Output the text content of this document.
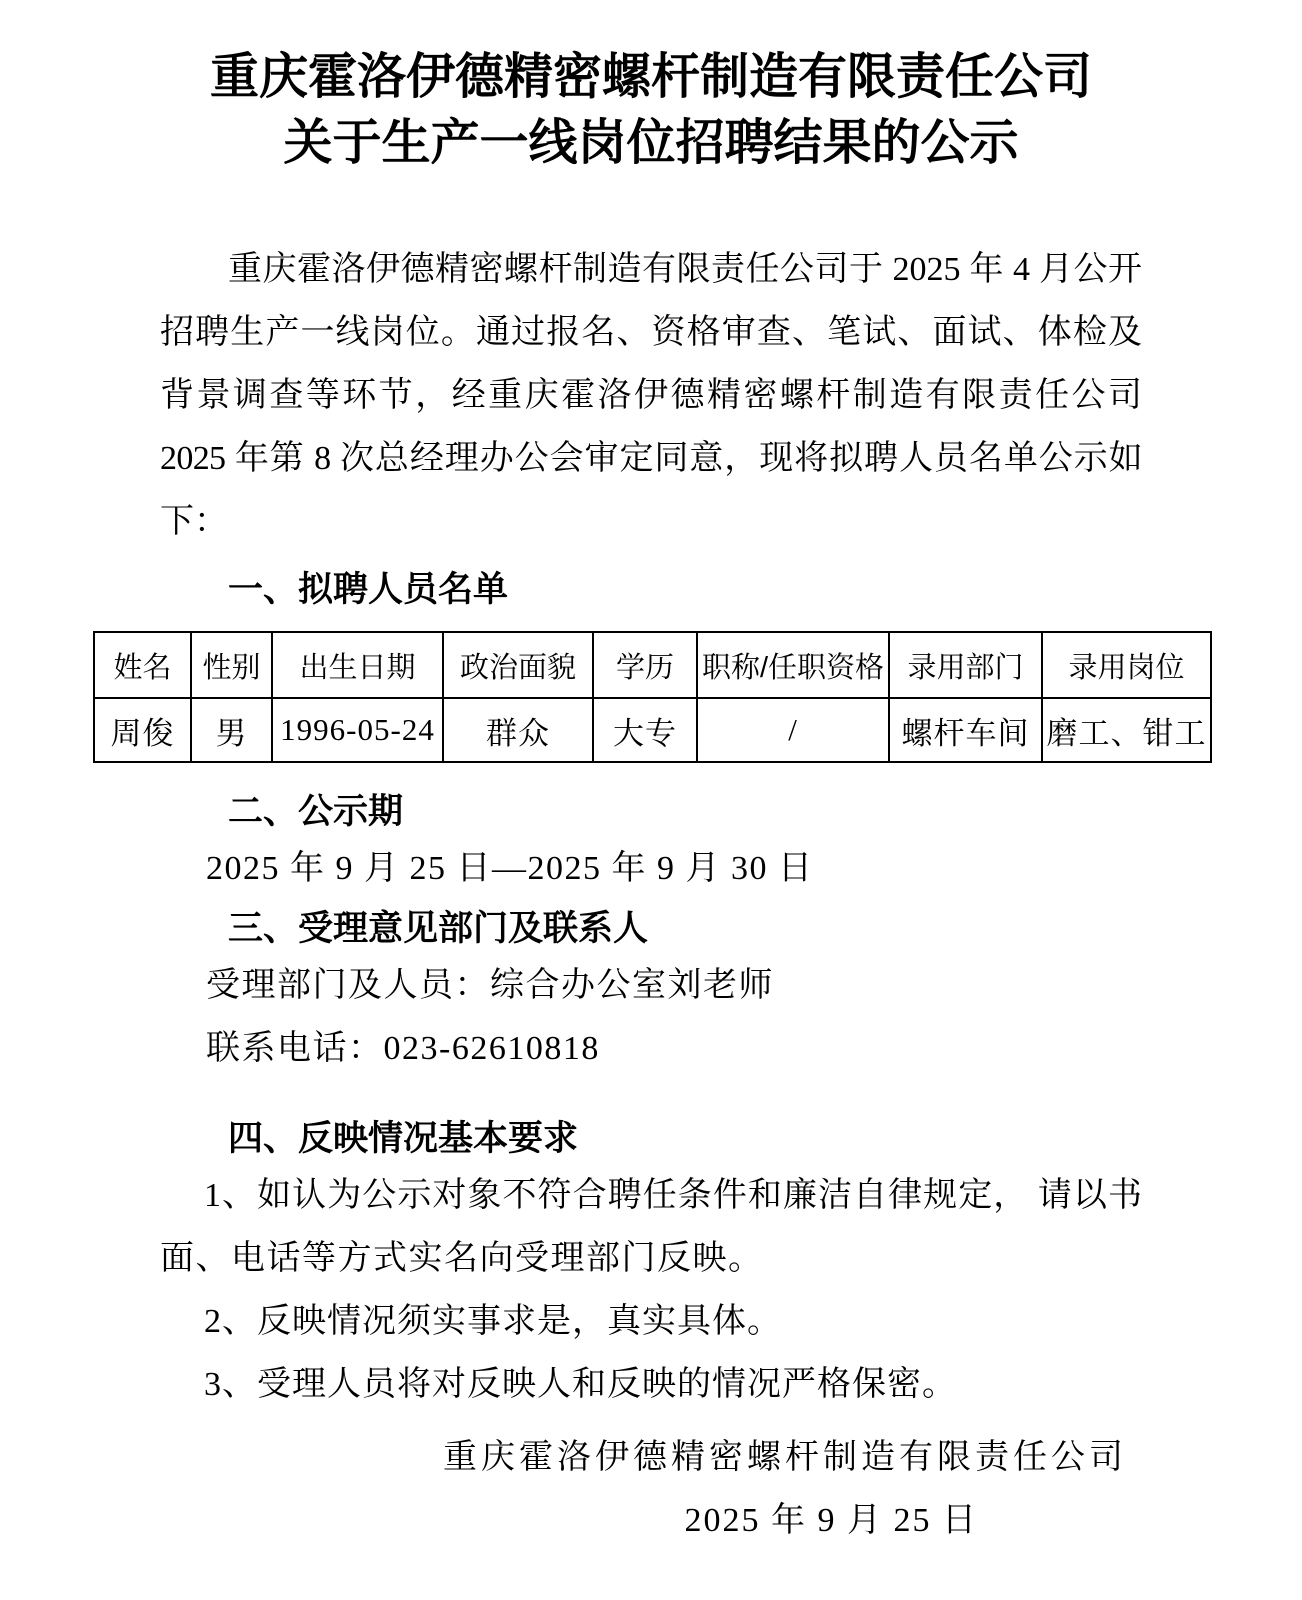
重庆霍洛伊德精密螺杆制造有限责任公司
关于生产一线岗位招聘结果的公示
重庆霍洛伊德精密螺杆制造有限责任公司于 2025 年 4 月公开
招聘生产一线岗位。通过报名、资格审查、笔试、面试、体检及
背景调查等环节，经重庆霍洛伊德精密螺杆制造有限责任公司
2025 年第 8 次总经理办公会审定同意，现将拟聘人员名单公示如
下：
一、拟聘人员名单
姓名	性别	出生日期	政治面貌	学历	职称/任职资格	录用部门	录用岗位
周俊	男	1996-05-24	群众	大专	/	螺杆车间	磨工、钳工
二、公示期
2025 年 9 月 25 日—2025 年 9 月 30 日
三、受理意见部门及联系人
受理部门及人员：综合办公室刘老师
联系电话：023-62610818
四、反映情况基本要求
1、如认为公示对象不符合聘任条件和廉洁自律规定， 请以书
面、电话等方式实名向受理部门反映。
2、反映情况须实事求是，真实具体。
3、受理人员将对反映人和反映的情况严格保密。
重庆霍洛伊德精密螺杆制造有限责任公司
2025 年 9 月 25 日
